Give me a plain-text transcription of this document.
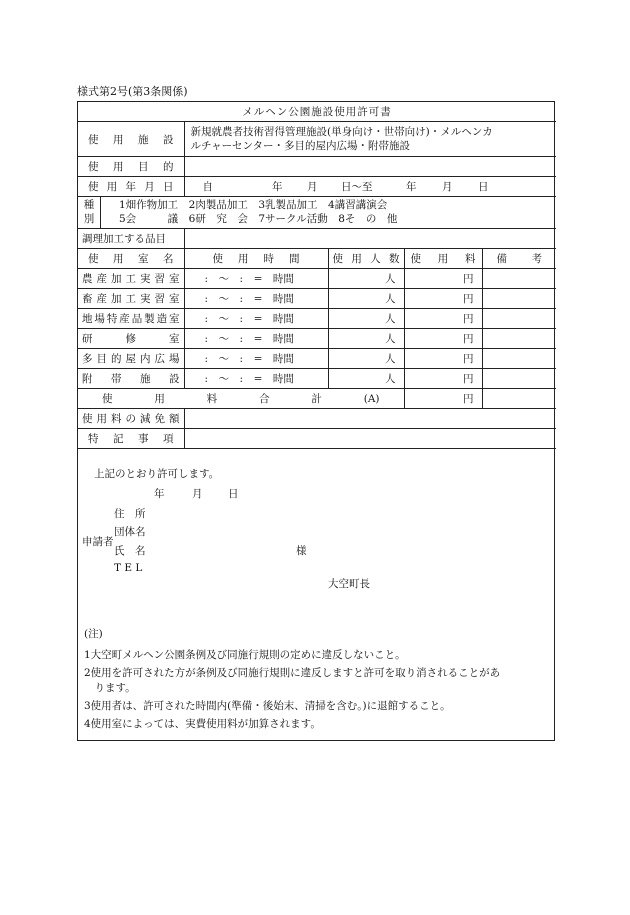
様式第2号(第3条関係)
メルヘン公園施設使用許可書				
使用施設	新規就農者技術習得管理施設(単身向け・世帯向け)・メルヘンカ
ルチャーセンター・多目的屋内広場・附帯施設			

使用目的				
使用年月日	自 年 月 日〜至 年 月 日			

種
別
1畑作物加工　2肉製品加工　3乳製品加工　4講習講演会
5会　　　議　6研　究　会　7サークル活動　8そ　の　他				

調理加工する品目				
使用室名	使用時間	使用人数	使用料	備考
農産加工実習室	:　〜　:　=　時間	人	円	
畜産加工実習室	:　〜　:　=　時間	人	円	
地場特産品製造室	:　〜　:　=　時間	人	円	
研修室	:　〜　:　=　時間	人	円	
多目的屋内広場	:　〜　:　=　時間	人	円	
附帯施設	:　〜　:　=　時間	人	円	
使用料合計(A)			円	
使用料の減免額				
特記事項				
上記のとおり許可します。
年	月 日
申請者
住　所
団体名
氏　名	様
T E L
大空町長

(注)

1大空町メルヘン公園条例及び同施行規則の定めに違反しないこと。

2使用を許可された方が条例及び同施行規則に違反しますと許可を取り消されることがあ

　ります。

3使用者は、許可された時間内(準備・後始末、清掃を含む。)に退館すること。

4使用室によっては、実費使用料が加算されます。
